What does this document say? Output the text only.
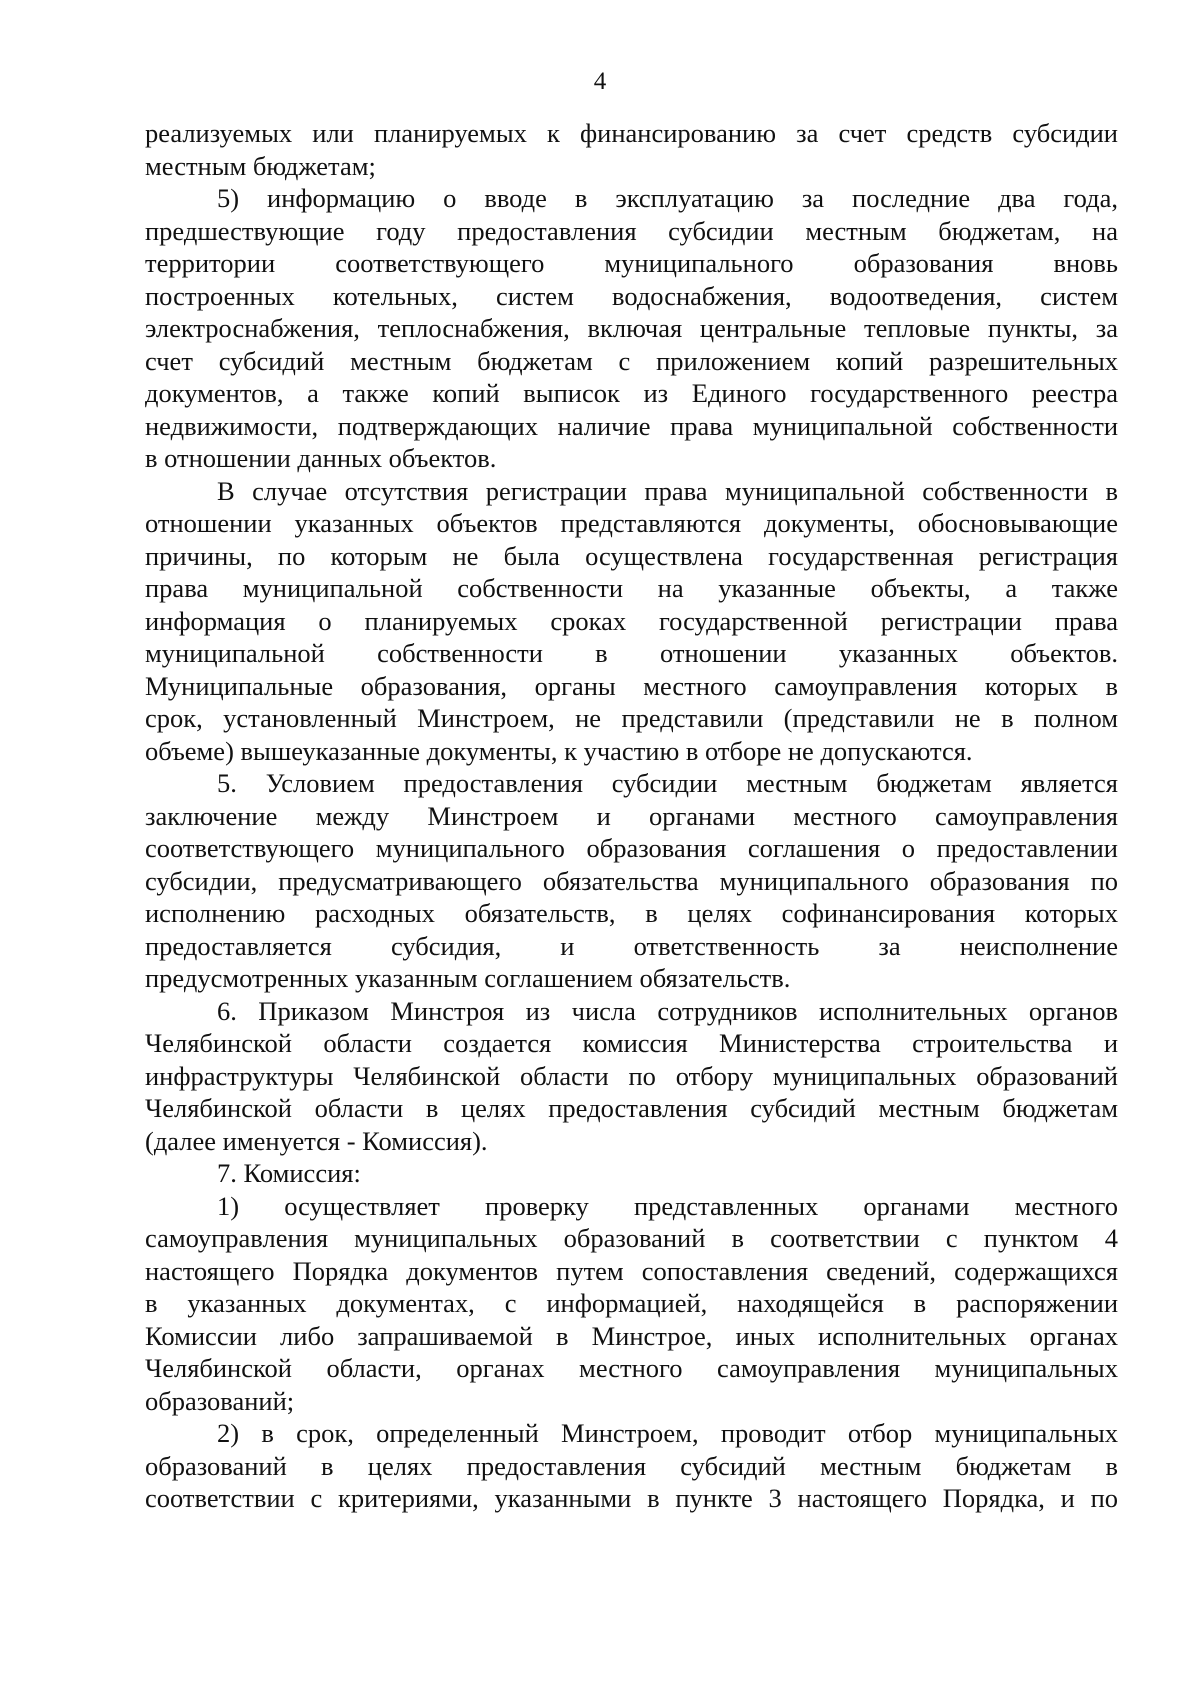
4
реализуемых или планируемых к финансированию за счет средств субсидии
местным бюджетам;
5) информацию о вводе в эксплуатацию за последние два года,
предшествующие году предоставления субсидии местным бюджетам, на
территории соответствующего муниципального образования вновь
построенных котельных, систем водоснабжения, водоотведения, систем
электроснабжения, теплоснабжения, включая центральные тепловые пункты, за
счет субсидий местным бюджетам с приложением копий разрешительных
документов, а также копий выписок из Единого государственного реестра
недвижимости, подтверждающих наличие права муниципальной собственности
в отношении данных объектов.
В случае отсутствия регистрации права муниципальной собственности в
отношении указанных объектов представляются документы, обосновывающие
причины, по которым не была осуществлена государственная регистрация
права муниципальной собственности на указанные объекты, а также
информация о планируемых сроках государственной регистрации права
муниципальной собственности в отношении указанных объектов.
Муниципальные образования, органы местного самоуправления которых в
срок, установленный Минстроем, не представили (представили не в полном
объеме) вышеуказанные документы, к участию в отборе не допускаются.
5. Условием предоставления субсидии местным бюджетам является
заключение между Минстроем и органами местного самоуправления
соответствующего муниципального образования соглашения о предоставлении
субсидии, предусматривающего обязательства муниципального образования по
исполнению расходных обязательств, в целях софинансирования которых
предоставляется субсидия, и ответственность за неисполнение
предусмотренных указанным соглашением обязательств.
6. Приказом Минстроя из числа сотрудников исполнительных органов
Челябинской области создается комиссия Министерства строительства и
инфраструктуры Челябинской области по отбору муниципальных образований
Челябинской области в целях предоставления субсидий местным бюджетам
(далее именуется - Комиссия).
7. Комиссия:
1) осуществляет проверку представленных органами местного
самоуправления муниципальных образований в соответствии с пунктом 4
настоящего Порядка документов путем сопоставления сведений, содержащихся
в указанных документах, с информацией, находящейся в распоряжении
Комиссии либо запрашиваемой в Минстрое, иных исполнительных органах
Челябинской области, органах местного самоуправления муниципальных
образований;
2) в срок, определенный Минстроем, проводит отбор муниципальных
образований в целях предоставления субсидий местным бюджетам в
соответствии с критериями, указанными в пункте 3 настоящего Порядка, и по
